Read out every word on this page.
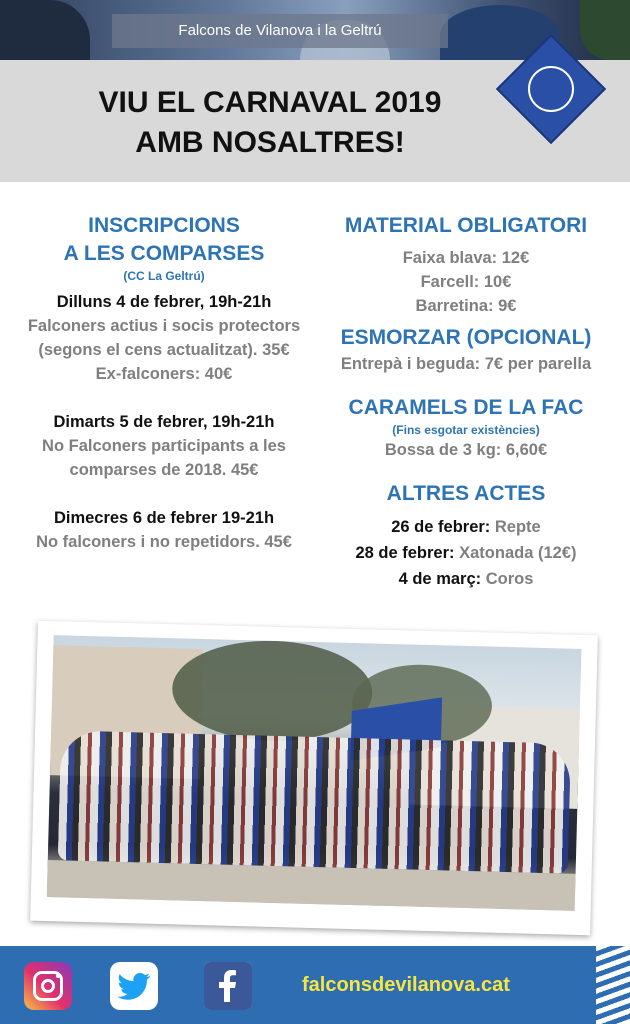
Falcons de Vilanova i la Geltrú
VIU EL CARNAVAL 2019
AMB NOSALTRES!
INSCRIPCIONS
A LES COMPARSES
(CC La Geltrú)
Dilluns 4 de febrer, 19h-21h
Falconers actius i socis protectors
(segons el cens actualitzat). 35€
Ex-falconers: 40€
Dimarts 5 de febrer, 19h-21h
No Falconers participants a les
comparses de 2018. 45€
Dimecres 6 de febrer 19-21h
No falconers i no repetidors. 45€
MATERIAL OBLIGATORI
Faixa blava: 12€
Farcell: 10€
Barretina: 9€
ESMORZAR (OPCIONAL)
Entrepà i beguda: 7€ per parella
CARAMELS DE LA FAC
(Fins esgotar existències)
Bossa de 3 kg: 6,60€
ALTRES ACTES
26 de febrer: Repte
28 de febrer: Xatonada (12€)
4 de març: Coros
falconsdevilanova.cat
